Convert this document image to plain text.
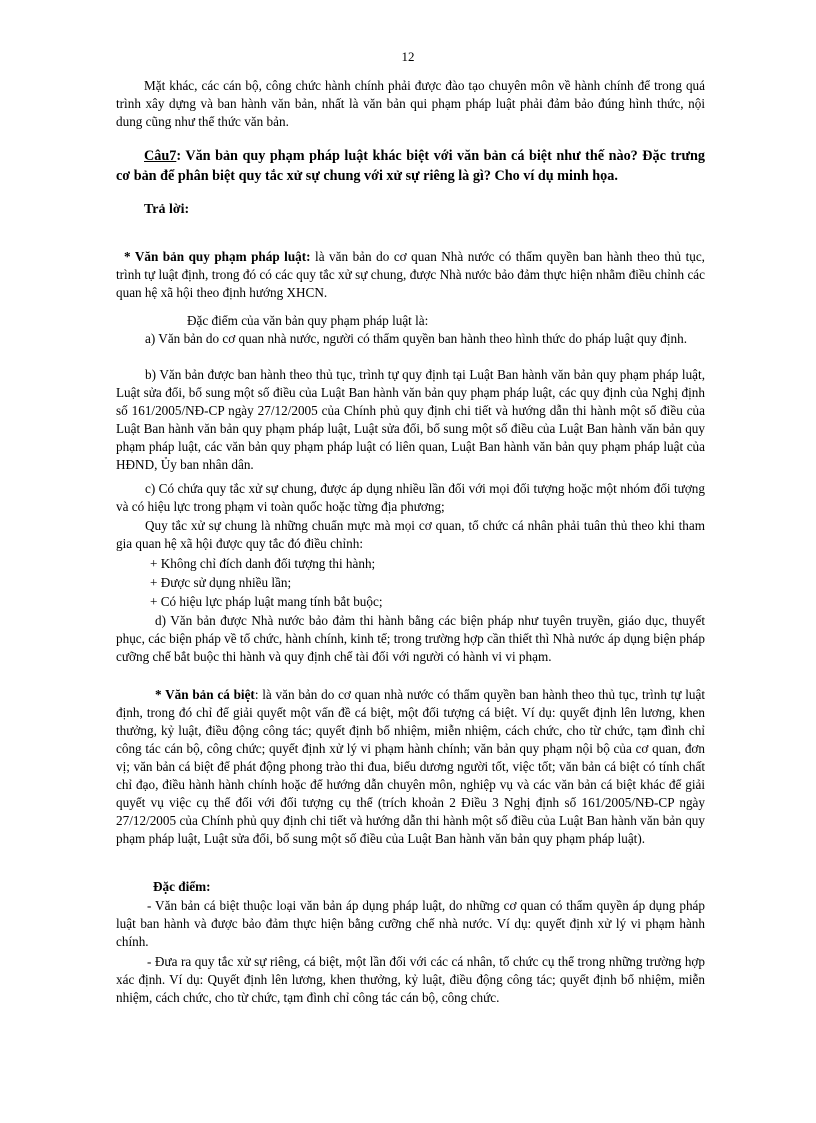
12

Mặt khác, các cán bộ, công chức hành chính phải được đào tạo chuyên môn về hành chính để trong quá trình xây dựng và ban hành văn bản, nhất là văn bản qui phạm pháp luật phải đảm bảo đúng hình thức, nội dung cũng như thể thức văn bản.

Câu7: Văn bản quy phạm pháp luật khác biệt với văn bản cá biệt như thế nào? Đặc trưng cơ bản để phân biệt quy tắc xử sự chung với xử sự riêng là gì? Cho ví dụ minh họa.

Trả lời:

* Văn bản quy phạm pháp luật: là văn bản do cơ quan Nhà nước có thẩm quyền ban hành theo thủ tục, trình tự luật định, trong đó có các quy tắc xử sự chung, được Nhà nước bảo đảm thực hiện nhằm điều chỉnh các quan hệ xã hội theo định hướng XHCN.

Đặc điểm của văn bản quy phạm pháp luật là:

a) Văn bản do cơ quan nhà nước, người có thẩm quyền ban hành theo hình thức do pháp luật quy định.

b) Văn bản được ban hành theo thủ tục, trình tự quy định tại Luật Ban hành văn bản quy phạm pháp luật, Luật sửa đổi, bổ sung một số điều của Luật Ban hành văn bản quy phạm pháp luật, các quy định của Nghị định số 161/2005/NĐ-CP ngày 27/12/2005 của Chính phủ quy định chi tiết và hướng dẫn thi hành một số điều của Luật Ban hành văn bản quy phạm pháp luật, Luật sửa đổi, bổ sung một số điều của Luật Ban hành văn bản quy phạm pháp luật, các văn bản quy phạm pháp luật có liên quan, Luật Ban hành văn bản quy phạm pháp luật của HĐND, Ủy ban nhân dân.

c) Có chứa quy tắc xử sự chung, được áp dụng nhiều lần đối với mọi đối tượng hoặc một nhóm đối tượng và có hiệu lực trong phạm vi toàn quốc hoặc từng địa phương;

Quy tắc xử sự chung là những chuẩn mực mà mọi cơ quan, tổ chức cá nhân phải tuân thủ theo khi tham gia quan hệ xã hội được quy tắc đó điều chỉnh:

+ Không chỉ đích danh đối tượng thi hành;

+ Được sử dụng nhiều lần;

+ Có hiệu lực pháp luật mang tính bắt buộc;

d) Văn bản được Nhà nước bảo đảm thi hành bằng các biện pháp như tuyên truyền, giáo dục, thuyết phục, các biện pháp về tổ chức, hành chính, kinh tế; trong trường hợp cần thiết thì Nhà nước áp dụng biện pháp cưỡng chế bắt buộc thi hành và quy định chế tài đối với người có hành vi vi phạm.

* Văn bản cá biệt: là văn bản do cơ quan nhà nước có thẩm quyền ban hành theo thủ tục, trình tự luật định, trong đó chỉ để giải quyết một vấn đề cá biệt, một đối tượng cá biệt. Ví dụ: quyết định lên lương, khen thưởng, kỷ luật, điều động công tác; quyết định bổ nhiệm, miễn nhiệm, cách chức, cho từ chức, tạm đình chỉ công tác cán bộ, công chức; quyết định xử lý vi phạm hành chính; văn bản quy phạm nội bộ của cơ quan, đơn vị; văn bản cá biệt để phát động phong trào thi đua, biểu dương người tốt, việc tốt; văn bản cá biệt có tính chất chỉ đạo, điều hành hành chính hoặc để hướng dẫn chuyên môn, nghiệp vụ và các văn bản cá biệt khác để giải quyết vụ việc cụ thể đối với đối tượng cụ thể (trích khoản 2 Điều 3 Nghị định số 161/2005/NĐ-CP ngày 27/12/2005 của Chính phủ quy định chi tiết và hướng dẫn thi hành một số điều của Luật Ban hành văn bản quy phạm pháp luật, Luật sửa đổi, bổ sung một số điều của Luật Ban hành văn bản quy phạm pháp luật).

Đặc điểm:

- Văn bản cá biệt thuộc loại văn bản áp dụng pháp luật, do những cơ quan có thẩm quyền áp dụng pháp luật ban hành và được bảo đảm thực hiện bằng cưỡng chế nhà nước. Ví dụ: quyết định xử lý vi phạm hành chính.

- Đưa ra quy tắc xử sự riêng, cá biệt, một lần đối với các cá nhân, tổ chức cụ thể trong những trường hợp xác định. Ví dụ: Quyết định lên lương, khen thưởng, kỷ luật, điều động công tác; quyết định bổ nhiệm, miễn nhiệm, cách chức, cho từ chức, tạm đình chỉ công tác cán bộ, công chức.
